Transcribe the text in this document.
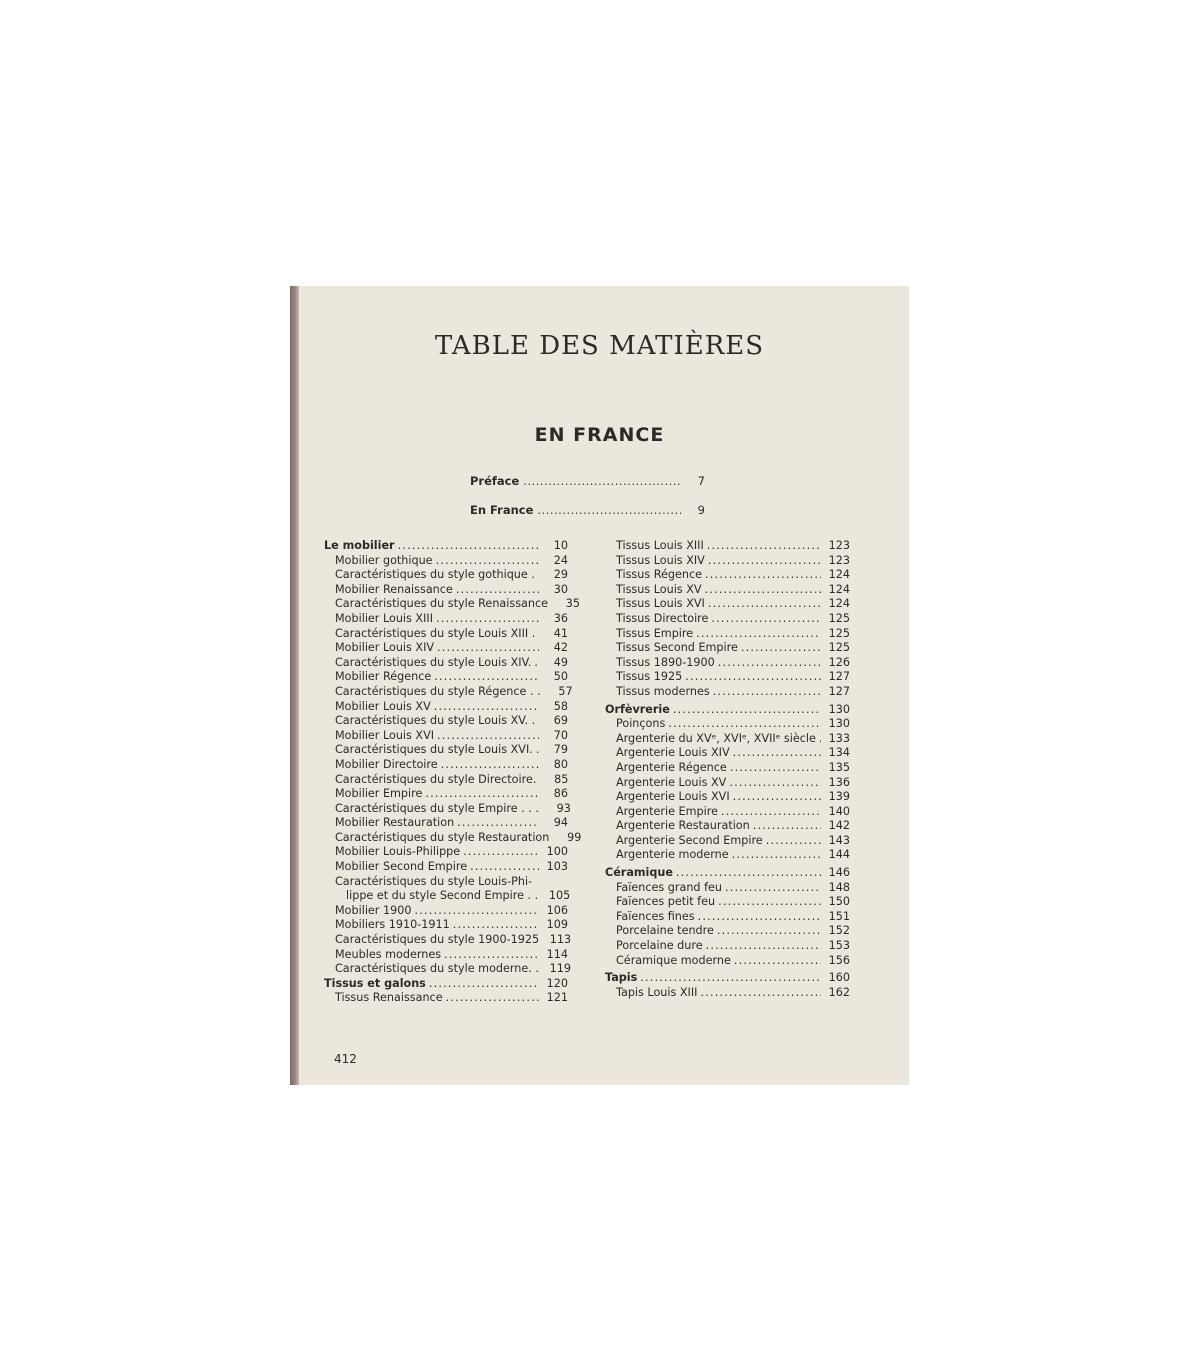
TABLE DES MATIÈRES
EN FRANCE
Préface .....	7
En France .....	9
Le mobilier .....	10
Mobilier gothique .....	24
Caractéristiques du style gothique . .....	29
Mobilier Renaissance .....	30
Caractéristiques du style Renaissance	35
Mobilier Louis XIII .....	36
Caractéristiques du style Louis XIII . .....	41
Mobilier Louis XIV .....	42
Caractéristiques du style Louis XIV. .....	49
Mobilier Régence .....	50
Caractéristiques du style Régence . .	57
Mobilier Louis XV .....	58
Caractéristiques du style Louis XV. . .....	69
Mobilier Louis XVI .....	70
Caractéristiques du style Louis XVI. .....	79
Mobilier Directoire .....	80
Caractéristiques du style Directoire.	85
Mobilier Empire .....	86
Caractéristiques du style Empire . . .	93
Mobilier Restauration .....	94
Caractéristiques du style Restauration	99
Mobilier Louis-Philippe .....	100
Mobilier Second Empire .....	103
Caractéristiques du style Louis-Phi-
lippe et du style Second Empire . . 105
Mobilier 1900 .....	106
Mobiliers 1910-1911 .....	109
Caractéristiques du style 1900-1925 113
Meubles modernes .....	114
Caractéristiques du style moderne. . 119
Tissus et galons .....	120
Tissus Renaissance .....	121
Tissus Louis XIII .....	123
Tissus Louis XIV .....	123
Tissus Régence .....	124
Tissus Louis XV .....	124
Tissus Louis XVI .....	124
Tissus Directoire .....	125
Tissus Empire .....	125
Tissus Second Empire .....	125
Tissus 1890-1900 .....	126
Tissus 1925 .....	127
Tissus modernes .....	127
Orfèvrerie .....	130
Poinçons .....	130
Argenterie du XVᵉ, XVIᵉ, XVIIᵉ siècle .....	133
Argenterie Louis XIV .....	134
Argenterie Régence .....	135
Argenterie Louis XV .....	136
Argenterie Louis XVI .....	139
Argenterie Empire .....	140
Argenterie Restauration .....	142
Argenterie Second Empire .....	143
Argenterie moderne .....	144
Céramique .....	146
Faïences grand feu .....	148
Faïences petit feu .....	150
Faïences fines .....	151
Porcelaine tendre .....	152
Porcelaine dure .....	153
Céramique moderne .....	156
Tapis .....	160
Tapis Louis XIII .....	162
412
